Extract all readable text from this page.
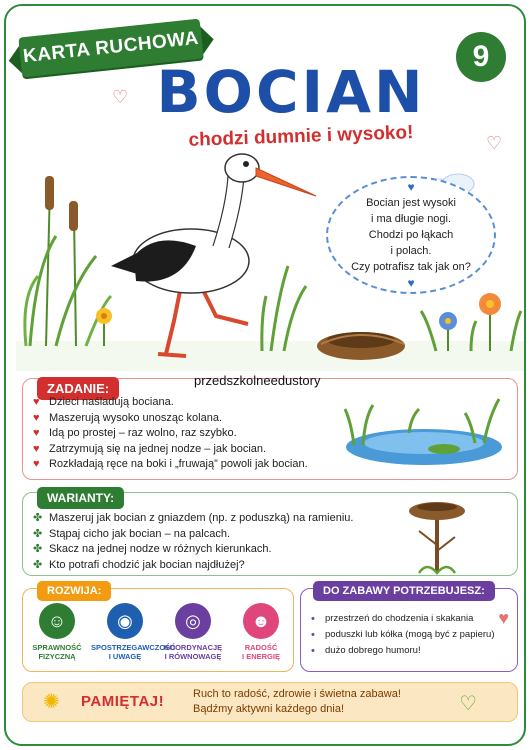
KARTA RUCHOWA	9
BOCIAN
chodzi dumnie i wysoko!
♡
♡
♥
Bocian jest wysoki
i ma długie nogi.
Chodzi po łąkach
i polach.
Czy potrafisz tak jak on?
♥
ZADANIE:
♥ Dzieci naśladują bociana.
♥ Maszerują wysoko unosząc kolana.
♥ Idą po prostej – raz wolno, raz szybko.
♥ Zatrzymują się na jednej nodze – jak bocian.
♥ Rozkładają ręce na boki i „fruwają” powoli jak bocian.
przedszkolneedustory
WARIANTY:
✤ Maszeruj jak bocian z gniazdem (np. z poduszką) na ramieniu.
✤ Stąpaj cicho jak bocian – na palcach.
✤ Skacz na jednej nodze w różnych kierunkach.
✤ Kto potrafi chodzić jak bocian najdłużej?
ROZWIJA:
☺
SPRAWNOŚĆ
FIZYCZNĄ
◉
SPOSTRZEGAWCZOŚĆ
I UWAGĘ
◎
KOORDYNACJĘ
I RÓWNOWAGĘ
☻
RADOŚĆ
I ENERGIĘ
DO ZABAWY POTRZEBUJESZ:
• przestrzeń do chodzenia i skakania
• poduszki lub kółka (mogą być z papieru)
• dużo dobrego humoru!
♥
✺ PAMIĘTAJ!	Ruch to radość, zdrowie i świetna zabawa!
Bądźmy aktywni każdego dnia!	♡
